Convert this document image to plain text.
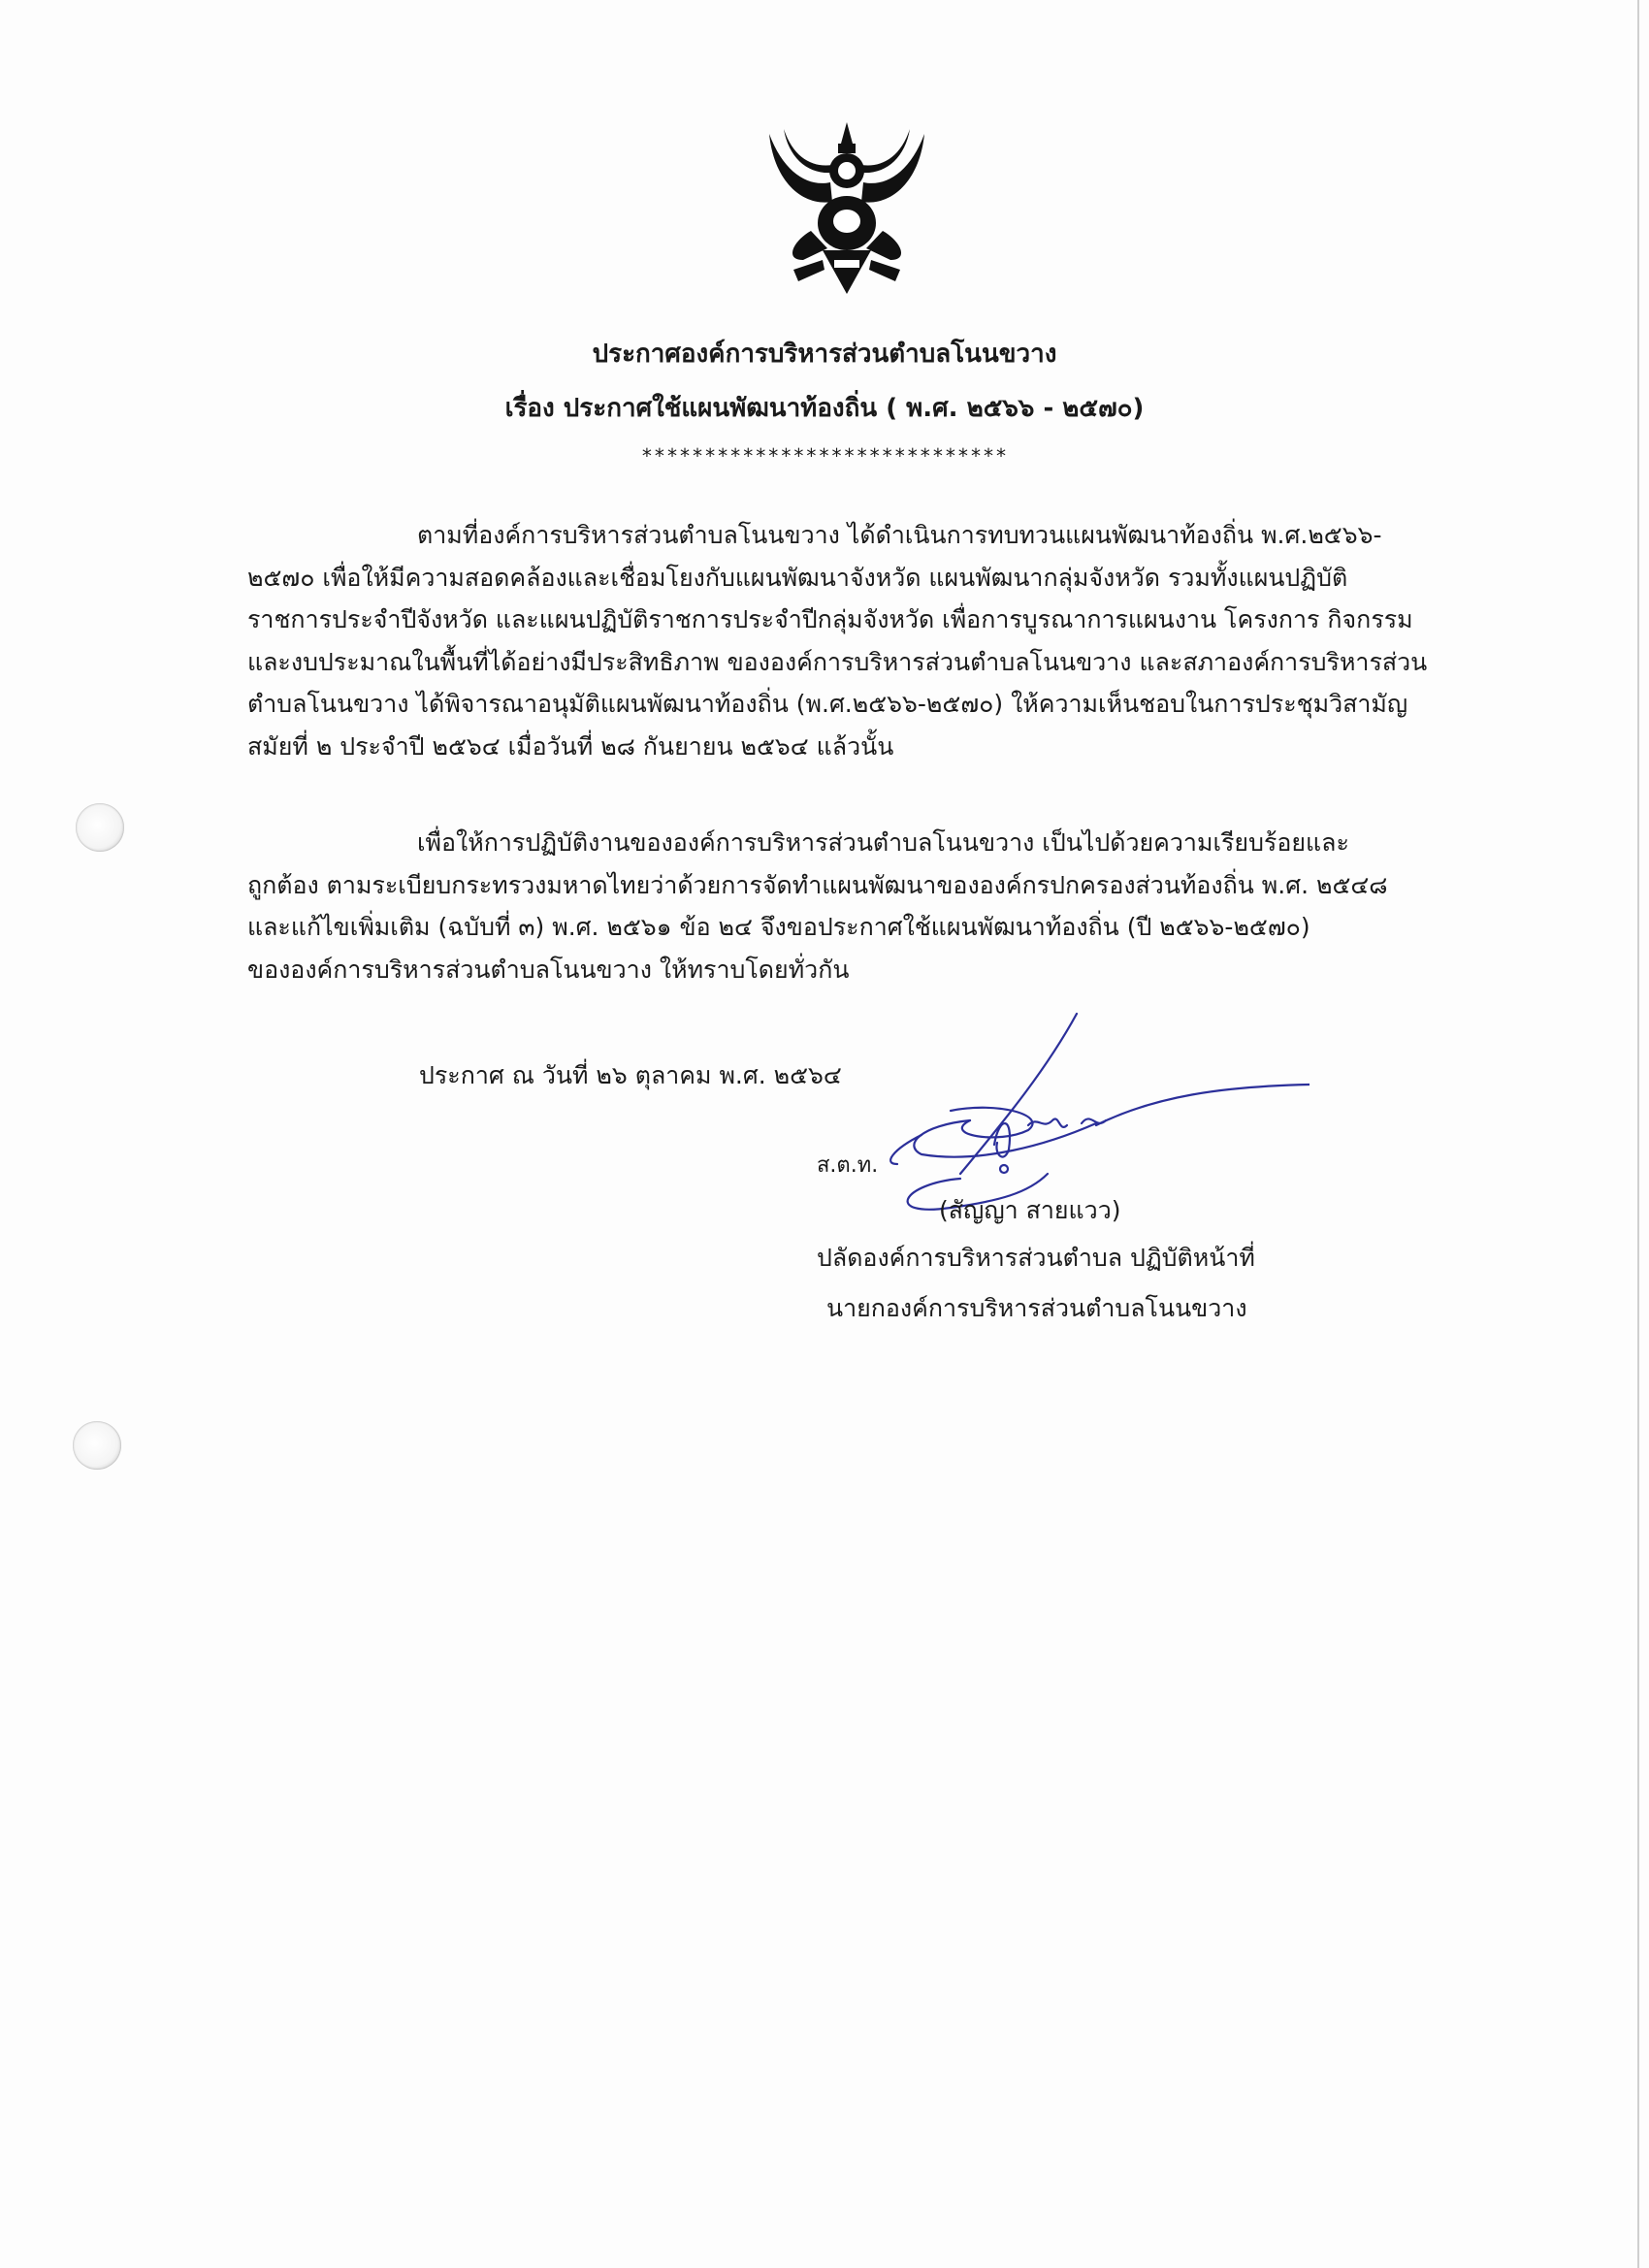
ประกาศองค์การบริหารส่วนตำบลโนนขวาง
เรื่อง ประกาศใช้แผนพัฒนาท้องถิ่น ( พ.ศ. ๒๕๖๖ - ๒๕๗๐)
*****************************
ตามที่องค์การบริหารส่วนตำบลโนนขวาง ได้ดำเนินการทบทวนแผนพัฒนาท้องถิ่น พ.ศ.๒๕๖๖-
๒๕๗๐ เพื่อให้มีความสอดคล้องและเชื่อมโยงกับแผนพัฒนาจังหวัด แผนพัฒนากลุ่มจังหวัด รวมทั้งแผนปฏิบัติ
ราชการประจำปีจังหวัด และแผนปฏิบัติราชการประจำปีกลุ่มจังหวัด เพื่อการบูรณาการแผนงาน โครงการ กิจกรรม
และงบประมาณในพื้นที่ได้อย่างมีประสิทธิภาพ ขององค์การบริหารส่วนตำบลโนนขวาง และสภาองค์การบริหารส่วน
ตำบลโนนขวาง ได้พิจารณาอนุมัติแผนพัฒนาท้องถิ่น (พ.ศ.๒๕๖๖-๒๕๗๐) ให้ความเห็นชอบในการประชุมวิสามัญ
สมัยที่ ๒ ประจำปี ๒๕๖๔ เมื่อวันที่ ๒๘ กันยายน ๒๕๖๔ แล้วนั้น
เพื่อให้การปฏิบัติงานขององค์การบริหารส่วนตำบลโนนขวาง เป็นไปด้วยความเรียบร้อยและ
ถูกต้อง ตามระเบียบกระทรวงมหาดไทยว่าด้วยการจัดทำแผนพัฒนาขององค์กรปกครองส่วนท้องถิ่น พ.ศ. ๒๕๔๘
และแก้ไขเพิ่มเติม (ฉบับที่ ๓) พ.ศ. ๒๕๖๑ ข้อ ๒๔ จึงขอประกาศใช้แผนพัฒนาท้องถิ่น (ปี ๒๕๖๖-๒๕๗๐)
ขององค์การบริหารส่วนตำบลโนนขวาง ให้ทราบโดยทั่วกัน
ประกาศ ณ วันที่ ๒๖ ตุลาคม พ.ศ. ๒๕๖๔
ส.ต.ท.
(สัญญา สายแวว)
ปลัดองค์การบริหารส่วนตำบล ปฏิบัติหน้าที่
นายกองค์การบริหารส่วนตำบลโนนขวาง
